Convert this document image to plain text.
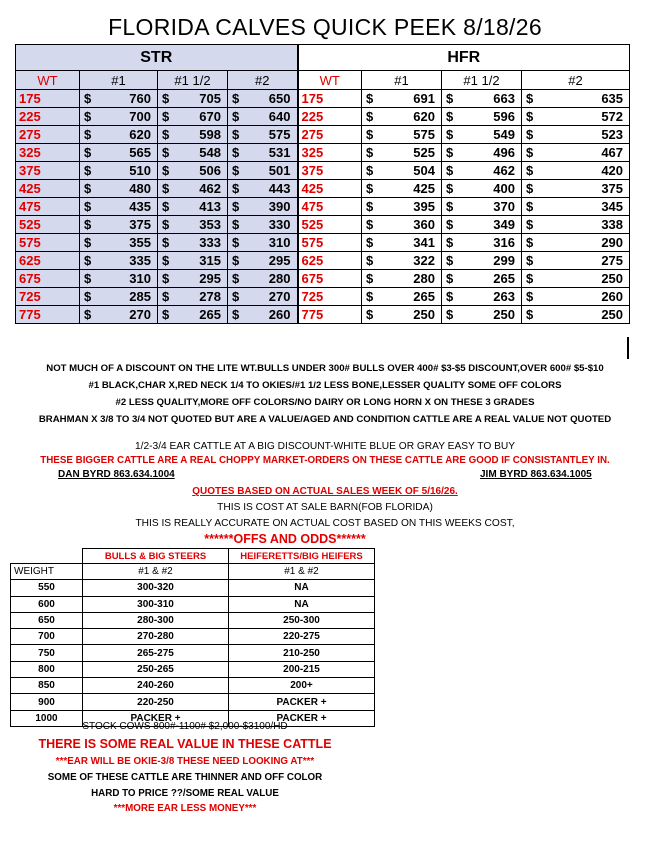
FLORIDA CALVES QUICK PEEK 8/18/26
STR				HFR			
WT	#1	#1 1/2	#2	WT	#1	#1 1/2	#2
175	$ 760	$ 705	$ 650	175	$ 691	$ 663	$ 635

225	$ 700	$ 670	$ 640	225	$ 620	$ 596	$ 572

275	$ 620	$ 598	$ 575	275	$ 575	$ 549	$ 523

325	$ 565	$ 548	$ 531	325	$ 525	$ 496	$ 467

375	$ 510	$ 506	$ 501	375	$ 504	$ 462	$ 420

425	$ 480	$ 462	$ 443	425	$ 425	$ 400	$ 375

475	$ 435	$ 413	$ 390	475	$ 395	$ 370	$ 345

525	$ 375	$ 353	$ 330	525	$ 360	$ 349	$ 338

575	$ 355	$ 333	$ 310	575	$ 341	$ 316	$ 290

625	$ 335	$ 315	$ 295	625	$ 322	$ 299	$ 275

675	$ 310	$ 295	$ 280	675	$ 280	$ 265	$ 250

725	$ 285	$ 278	$ 270	725	$ 265	$ 263	$ 260

775	$ 270	$ 265	$ 260	775	$ 250	$ 250	$ 250
NOT MUCH OF A DISCOUNT ON THE LITE WT.BULLS UNDER 300# BULLS OVER 400# $3-$5 DISCOUNT,OVER 600# $5-$10
#1 BLACK,CHAR X,RED NECK 1/4 TO OKIES/#1 1/2 LESS BONE,LESSER QUALITY SOME OFF COLORS
#2 LESS QUALITY,MORE OFF COLORS/NO DAIRY OR LONG HORN X ON THESE 3 GRADES
BRAHMAN X 3/8 TO 3/4 NOT QUOTED BUT ARE A VALUE/AGED AND CONDITION CATTLE ARE A REAL VALUE NOT QUOTED
1/2-3/4 EAR CATTLE AT A BIG DISCOUNT-WHITE BLUE OR GRAY EASY TO BUY
THESE BIGGER CATTLE ARE A REAL CHOPPY MARKET-ORDERS ON THESE CATTLE ARE GOOD IF CONSISTANTLEY IN.
DAN BYRD 863.634.1004	JIM BYRD 863.634.1005
QUOTES BASED ON ACTUAL SALES WEEK OF 5/16/26.
THIS IS COST AT SALE BARN(FOB FLORIDA)
THIS IS REALLY ACCURATE ON ACTUAL COST BASED ON THIS WEEKS COST,
******OFFS AND ODDS******
	BULLS & BIG STEERS	HEIFERETTS/BIG HEIFERS
WEIGHT	#1 & #2	#1 & #2
550	300-320	NA
600	300-310	NA
650	280-300	250-300
700	270-280	220-275
750	265-275	210-250
800	250-265	200-215
850	240-260	200+
900	220-250	PACKER +
1000	PACKER +	PACKER +
STOCK COWS 800#-1100# $2,000-$3100/HD
THERE IS SOME REAL VALUE IN THESE CATTLE
***EAR WILL BE OKIE-3/8 THESE NEED LOOKING AT***
SOME OF THESE CATTLE ARE THINNER AND OFF COLOR
HARD TO PRICE ??/SOME REAL VALUE
***MORE EAR LESS MONEY***
